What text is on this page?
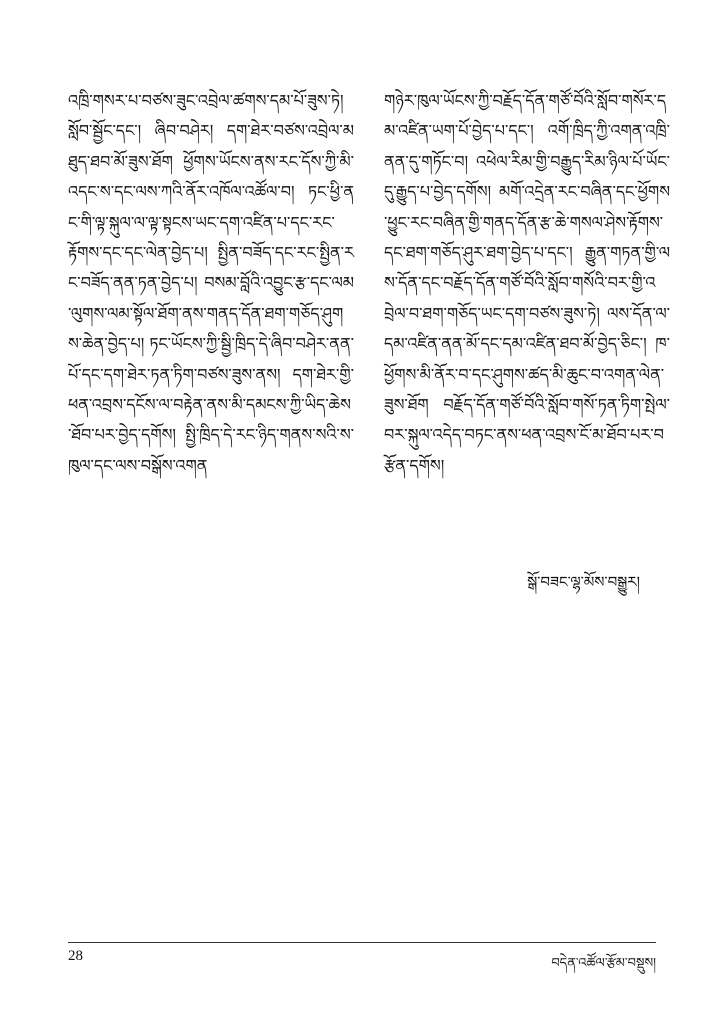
འཁྲི་གསར་པ་བཙས་ཟུང་འབྲེལ་ཚགས་དམ་པོ་ཟུས་ཏེ། སློབ་སྦྱོང་དང་། ཞིབ་བཤེར། དག་ཐེར་བཙས་འབྲེལ་མཐུད་ཐབ་མོ་ཟུས་ཐོག ཕྱོགས་ཡོངས་ནས་རང་དོས་ཀྱི་མི་འདང་ས་དང་ལས་ཀའི་ནོར་འཁོལ་འཚོལ་བ། ཏང་ཕྱི་ནང་གི་ལྟ་སྐུལ་ལ་ལྟ་སྟངས་ཡང་དག་འཛིན་པ་དང་རང་རྟོགས་དང་དང་ལེན་བྱེད་པ། སྤྱིན་བཟོད་དང་རང་སྤྱིན་རང་བཟོད་ནན་ཏན་བྱེད་པ། བསམ་བློའི་འབྱུང་རྩ་དང་ལམ་ལུགས་ལམ་སྟོལ་ཐོག་ནས་གནད་དོན་ཐག་གཅོད་ཤུགས་ཆེན་བྱེད་པ། ཏང་ཡོངས་ཀྱི་སྦྱི་ཁྲིད་དེ་ཞིབ་བཤེར་ནན་པོ་དང་དག་ཐེར་ཏན་ཏིག་བཙས་ཟུས་ནས། དག་ཐེར་གྱི་ཕན་འབྲས་དངོས་ལ་བརྟེན་ནས་མི་དམངས་ཀྱི་ཡིད་ཆེས་ཐོབ་པར་བྱེད་དགོས། སྤྱི་ཁྲིད་དེ་རང་ཉིད་གནས་སའི་ས་ཁུལ་དང་ལས་བསྒོས་འགན

གཉེར་ཁུལ་ཡོངས་ཀྱི་བརྗོད་དོན་གཙོ་བོའི་སློབ་གསོར་དམ་འཛིན་ཡག་པོ་བྱེད་པ་དང་། འགོ་ཁྲིད་ཀྱི་འགན་འཁྲི་ནན་དུ་གཏོང་བ། འཕེལ་རིམ་གྱི་བརྒྱུད་རིམ་ཉིལ་པོ་ཡོང་དུ་རྒྱུད་པ་བྱེད་དགོས། མགོ་འདྲེན་རང་བཞིན་དང་ཕྱོགས་ཕྱུང་རང་བཞིན་གྱི་གནད་དོན་རྩ་ཆེ་གསལ་ཤེས་རྟོགས་དང་ཐག་གཅོད་ཤུར་ཐག་བྱེད་པ་དང་། རྒྱུན་གཏན་གྱི་ལས་དོན་དང་བརྗོད་དོན་གཙོ་བོའི་སློབ་གསོའི་བར་གྱི་འབྲེལ་བ་ཐག་གཅོད་ཡང་དག་བཙས་ཟུས་ཏེ། ལས་དོན་ལ་དམ་འཛིན་ནན་མོ་དང་དམ་འཛིན་ཐབ་མོ་བྱེད་ཅིང་། ཁ་ཕྱོགས་མི་ནོར་བ་དང་ཤུགས་ཚད་མི་ཆུང་བ་འགན་ལེན་ཟུས་ཐོག བརྗོད་དོན་གཙོ་བོའི་སློབ་གསོ་ཏན་ཏིག་སྤེལ་བར་སྐུལ་འདེད་བཏང་ནས་ཕན་འབྲས་ངོ་མ་ཐོབ་པར་བརྩོན་དགོས།

སྒོ་བཟང་ལྷ་མོས་བསྒྱུར།
28	བདེན་འཚོལ་རྩོམ་བསྡུས།
